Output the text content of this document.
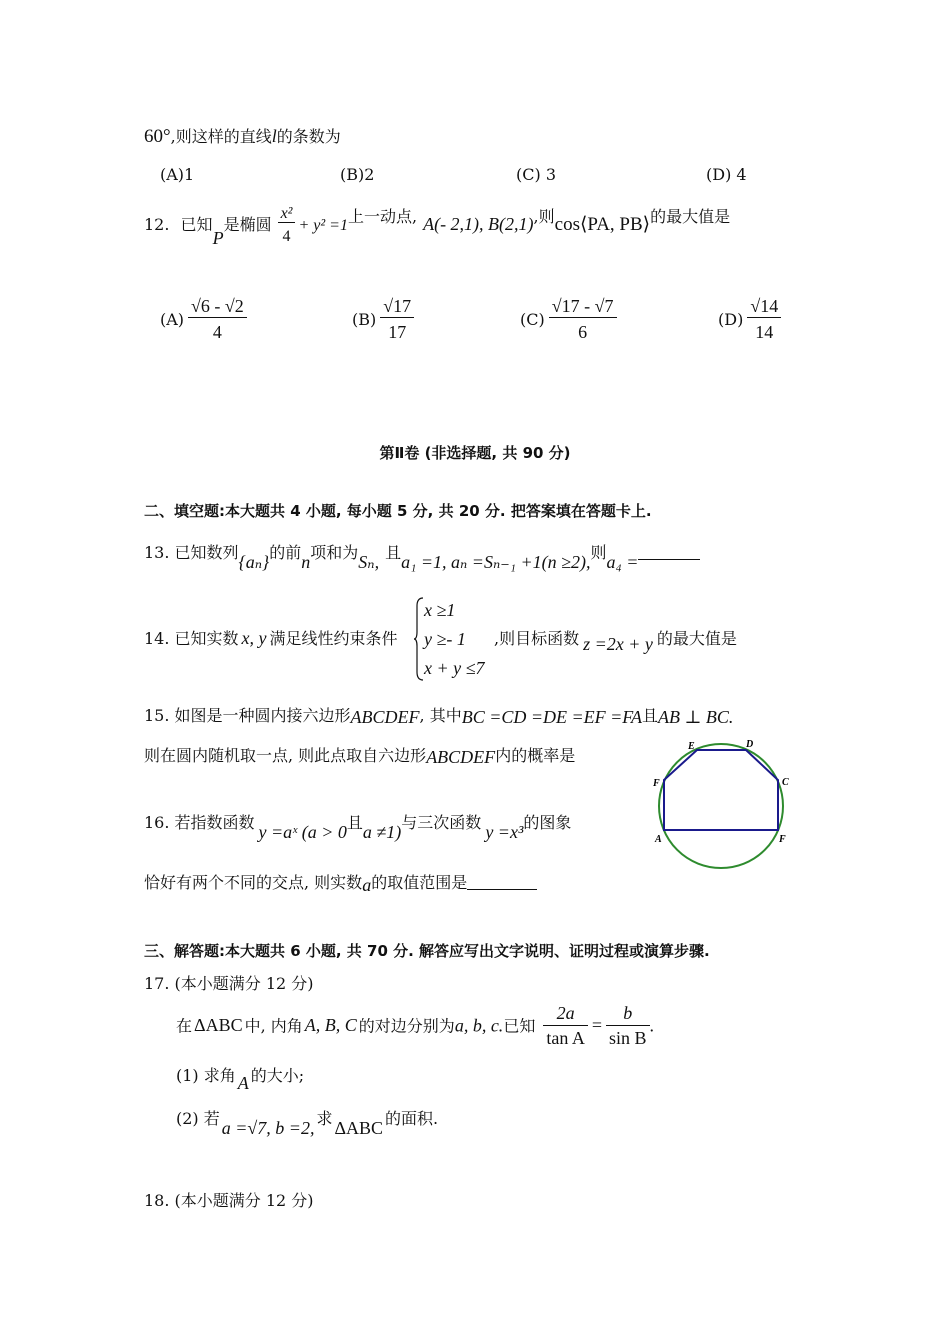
60°,则这样的直线l的条数为
(A)1	(B)2	(C) 3	(D) 4
12. 已知P是椭圆 $\frac{\text{x²}}{4} + y^2 =1$上一动点, A(- 2,1), B(2,1),则cos⟨PA, PB⟩的最大值是
$(A) \frac{√6 - √2}{4}$	$(B) \frac{√17}{17}$	$(C) \frac{√17 - √7}{6}$	$(D) \frac{√14}{14}$
第Ⅱ卷 (非选择题, 共 90 分)
二、填空题:本大题共 4 小题, 每小题 5 分, 共 20 分. 把答案填在答题卡上.
13. 已知数列{aₙ}的前n项和为Sₙ, 且a₁ =1, aₙ =Sₙ₋₁ +1(n ≥2),则a₄ =
14. 已知实数 x, y 满足线性约束条件
x ≥1
y ≥- 1
x + y ≤7
,则目标函数 z =2x + y 的最大值是
15. 如图是一种圆内接六边形ABCDEF, 其中BC =CD =DE =EF =FA且AB ⊥ BC.
则在圆内随机取一点, 则此点取自六边形ABCDEF内的概率是	E	D
F	C
A	F
16. 若指数函数 y =aˣ (a > 0且a ≠1)与三次函数 y =x³的图象
恰好有两个不同的交点, 则实数a的取值范围是
三、解答题:本大题共 6 小题, 共 70 分. 解答应写出文字说明、证明过程或演算步骤.
17. (本小题满分 12 分)
在 ΔABC 中, 内角 A, B, C 的对边分别为a, b, c.已知 $\frac{2a}{\text{tan A}} = \frac{b}{\text{sin B}}$ .
(1) 求角 A 的大小;
(2) 若 a =√7, b =2, 求 ΔABC 的面积.
18. (本小题满分 12 分)
